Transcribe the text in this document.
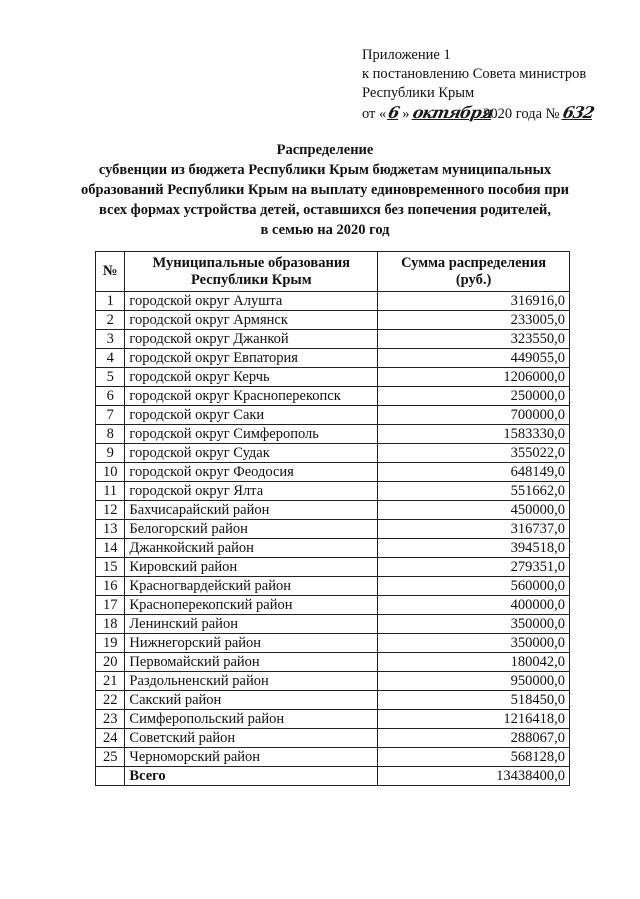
Приложение 1
к постановлению Совета министров
Республики Крым
от «6» октября2020 года № 632
Распределение
субвенции из бюджета Республики Крым бюджетам муниципальных
образований Республики Крым на выплату единовременного пособия при
всех формах устройства детей, оставшихся без попечения родителей,
в семью на 2020 год
№	Муниципальные образования Республики Крым	Сумма распределения (руб.)
1	городской округ Алушта	316916,0
2	городской округ Армянск	233005,0
3	городской округ Джанкой	323550,0
4	городской округ Евпатория	449055,0
5	городской округ Керчь	1206000,0
6	городской округ Красноперекопск	250000,0
7	городской округ Саки	700000,0
8	городской округ Симферополь	1583330,0
9	городской округ Судак	355022,0
10	городской округ Феодосия	648149,0
11	городской округ Ялта	551662,0
12	Бахчисарайский район	450000,0
13	Белогорский район	316737,0
14	Джанкойский район	394518,0
15	Кировский район	279351,0
16	Красногвардейский район	560000,0
17	Красноперекопский район	400000,0
18	Ленинский район	350000,0
19	Нижнегорский район	350000,0
20	Первомайский район	180042,0
21	Раздольненский район	950000,0
22	Сакский район	518450,0
23	Симферопольский район	1216418,0
24	Советский район	288067,0
25	Черноморский район	568128,0
	Всего	13438400,0
